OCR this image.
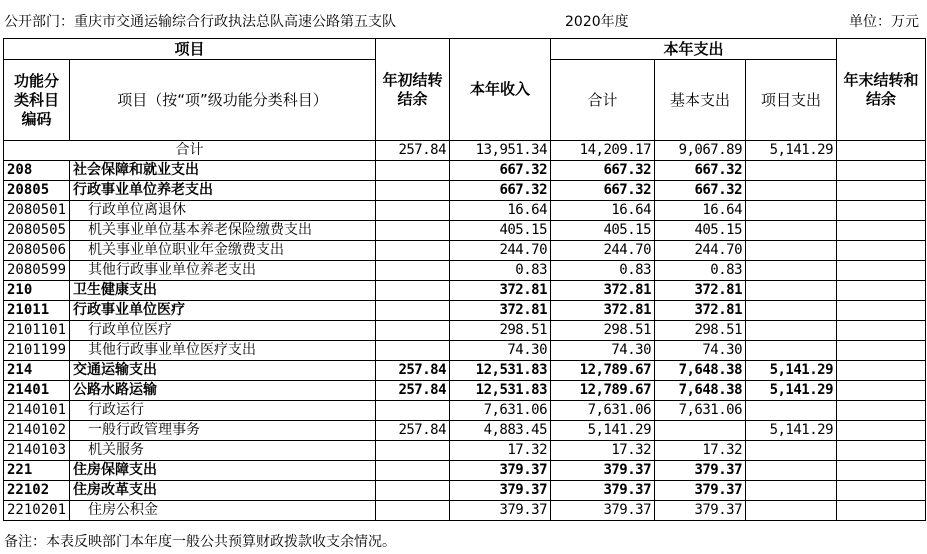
公开部门：重庆市交通运输综合行政执法总队高速公路第五支队	2020年度	单位：万元
项目		年初结转结余	本年收入	本年支出			年末结转和结余
功能分类科目编码	项目（按“项”级功能分类科目）			合计	基本支出	项目支出	
合计		257.84	13,951.34	14,209.17	9,067.89	5,141.29	
208	社会保障和就业支出		667.32	667.32	667.32		
20805	行政事业单位养老支出		667.32	667.32	667.32		
2080501	行政单位离退休		16.64	16.64	16.64		
2080505	机关事业单位基本养老保险缴费支出		405.15	405.15	405.15		
2080506	机关事业单位职业年金缴费支出		244.70	244.70	244.70		
2080599	其他行政事业单位养老支出		0.83	0.83	0.83		
210	卫生健康支出		372.81	372.81	372.81		
21011	行政事业单位医疗		372.81	372.81	372.81		
2101101	行政单位医疗		298.51	298.51	298.51		
2101199	其他行政事业单位医疗支出		74.30	74.30	74.30		
214	交通运输支出	257.84	12,531.83	12,789.67	7,648.38	5,141.29	
21401	公路水路运输	257.84	12,531.83	12,789.67	7,648.38	5,141.29	
2140101	行政运行		7,631.06	7,631.06	7,631.06		
2140102	一般行政管理事务	257.84	4,883.45	5,141.29		5,141.29	
2140103	机关服务		17.32	17.32	17.32		
221	住房保障支出		379.37	379.37	379.37		
22102	住房改革支出		379.37	379.37	379.37		
2210201	住房公积金		379.37	379.37	379.37		
备注：本表反映部门本年度一般公共预算财政拨款收支余情况。
